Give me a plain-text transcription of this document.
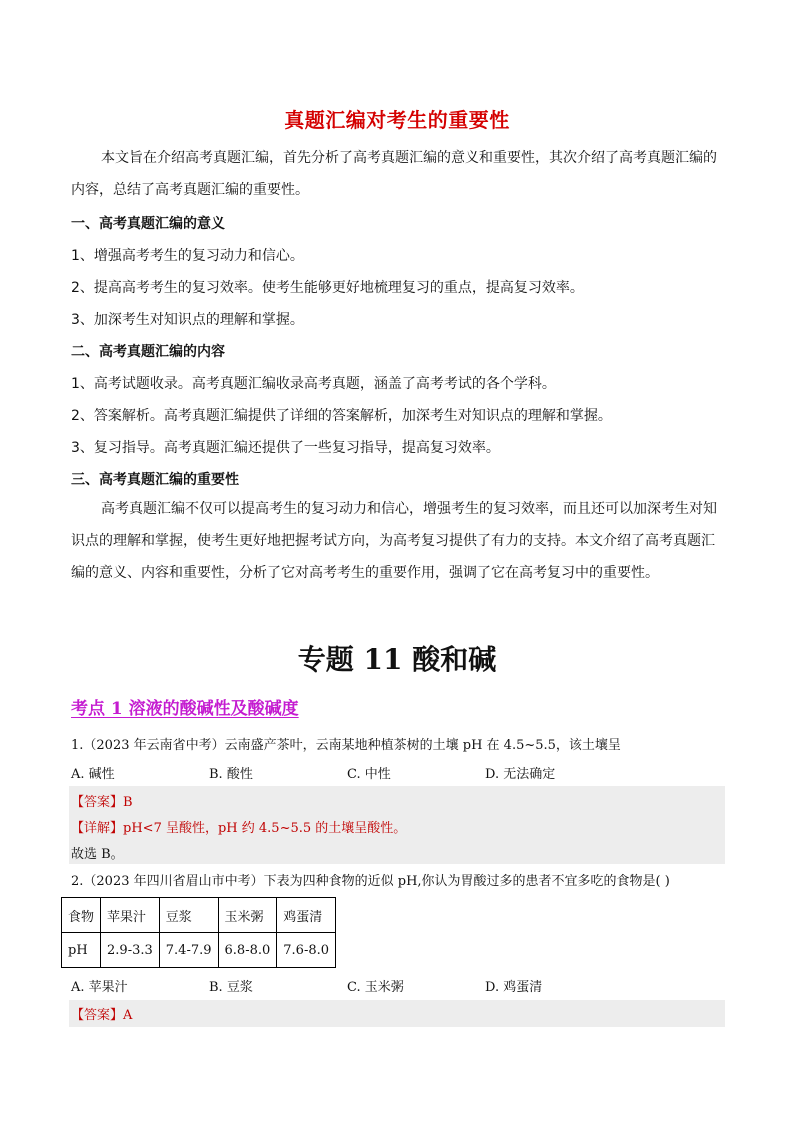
真题汇编对考生的重要性
本文旨在介绍高考真题汇编，首先分析了高考真题汇编的意义和重要性，其次介绍了高考真题汇编的内容，总结了高考真题汇编的重要性。
一、高考真题汇编的意义
1、增强高考考生的复习动力和信心。
2、提高高考考生的复习效率。使考生能够更好地梳理复习的重点，提高复习效率。
3、加深考生对知识点的理解和掌握。
二、高考真题汇编的内容
1、高考试题收录。高考真题汇编收录高考真题，涵盖了高考考试的各个学科。
2、答案解析。高考真题汇编提供了详细的答案解析，加深考生对知识点的理解和掌握。
3、复习指导。高考真题汇编还提供了一些复习指导，提高复习效率。
三、高考真题汇编的重要性
高考真题汇编不仅可以提高考生的复习动力和信心，增强考生的复习效率，而且还可以加深考生对知识点的理解和掌握，使考生更好地把握考试方向，为高考复习提供了有力的支持。本文介绍了高考真题汇编的意义、内容和重要性，分析了它对高考考生的重要作用，强调了它在高考复习中的重要性。
专题 11 酸和碱
考点 1 溶液的酸碱性及酸碱度
1.（2023 年云南省中考）云南盛产茶叶，云南某地种植茶树的土壤 pH 在 4.5~5.5，该土壤呈
A. 碱性	B. 酸性	C. 中性	D. 无法确定
【答案】B
【详解】pH<7 呈酸性，pH 约 4.5~5.5 的土壤呈酸性。
故选 B。
2.（2023 年四川省眉山市中考）下表为四种食物的近似 pH,你认为胃酸过多的患者不宜多吃的食物是( )
食物	苹果汁	豆浆	玉米粥	鸡蛋清
pH	2.9-3.3	7.4-7.9	6.8-8.0	7.6-8.0
A. 苹果汁	B. 豆浆	C. 玉米粥	D. 鸡蛋清
【答案】A
